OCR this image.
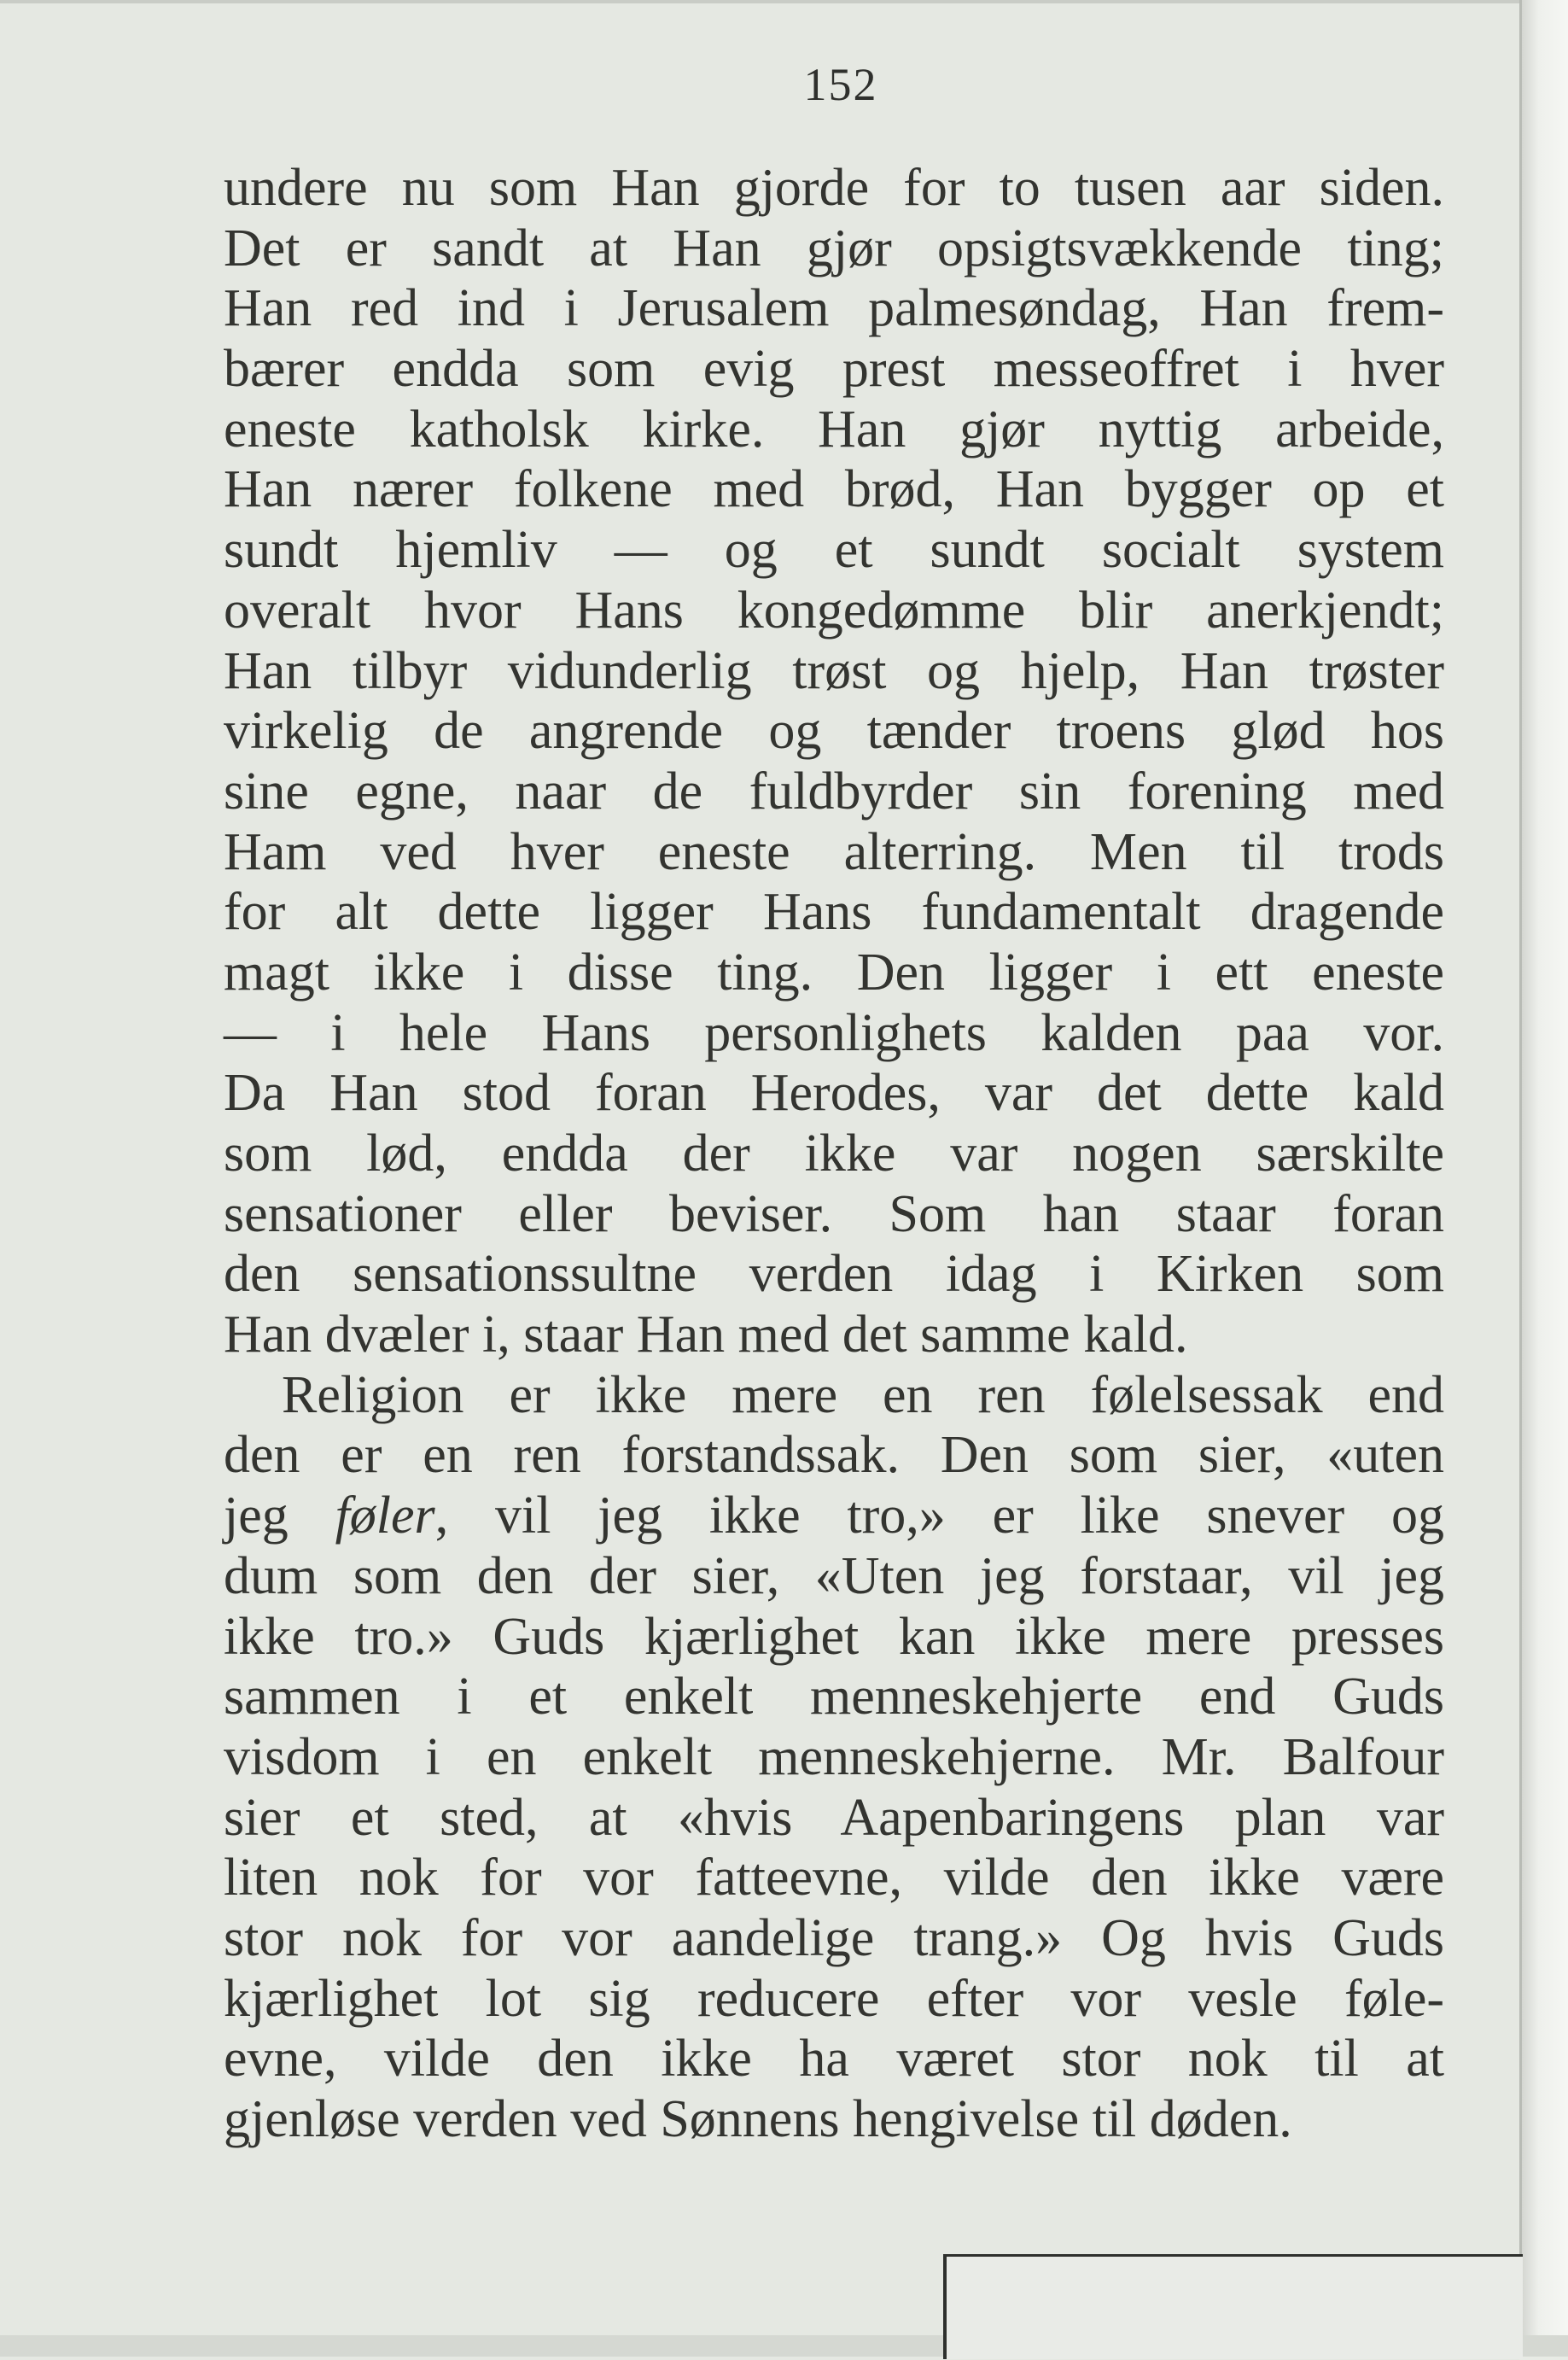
152
undere nu som Han gjorde for to tusen aar siden.
Det er sandt at Han gjør opsigtsvækkende ting;
Han red ind i Jerusalem palmesøndag, Han frem-
bærer endda som evig prest messeoffret i hver
eneste katholsk kirke. Han gjør nyttig arbeide,
Han nærer folkene med brød, Han bygger op et
sundt hjemliv — og et sundt socialt system
overalt hvor Hans kongedømme blir anerkjendt;
Han tilbyr vidunderlig trøst og hjelp, Han trøster
virkelig de angrende og tænder troens glød hos
sine egne, naar de fuldbyrder sin forening med
Ham ved hver eneste alterring. Men til trods
for alt dette ligger Hans fundamentalt dragende
magt ikke i disse ting. Den ligger i ett eneste
— i hele Hans personlighets kalden paa vor.
Da Han stod foran Herodes, var det dette kald
som lød, endda der ikke var nogen særskilte
sensationer eller beviser. Som han staar foran
den sensationssultne verden idag i Kirken som
Han dvæler i, staar Han med det samme kald.
Religion er ikke mere en ren følelsessak end
den er en ren forstandssak. Den som sier, «uten
jeg føler, vil jeg ikke tro,» er like snever og
dum som den der sier, «Uten jeg forstaar, vil jeg
ikke tro.» Guds kjærlighet kan ikke mere presses
sammen i et enkelt menneskehjerte end Guds
visdom i en enkelt menneskehjerne. Mr. Balfour
sier et sted, at «hvis Aapenbaringens plan var
liten nok for vor fatteevne, vilde den ikke være
stor nok for vor aandelige trang.» Og hvis Guds
kjærlighet lot sig reducere efter vor vesle føle-
evne, vilde den ikke ha været stor nok til at
gjenløse verden ved Sønnens hengivelse til døden.
